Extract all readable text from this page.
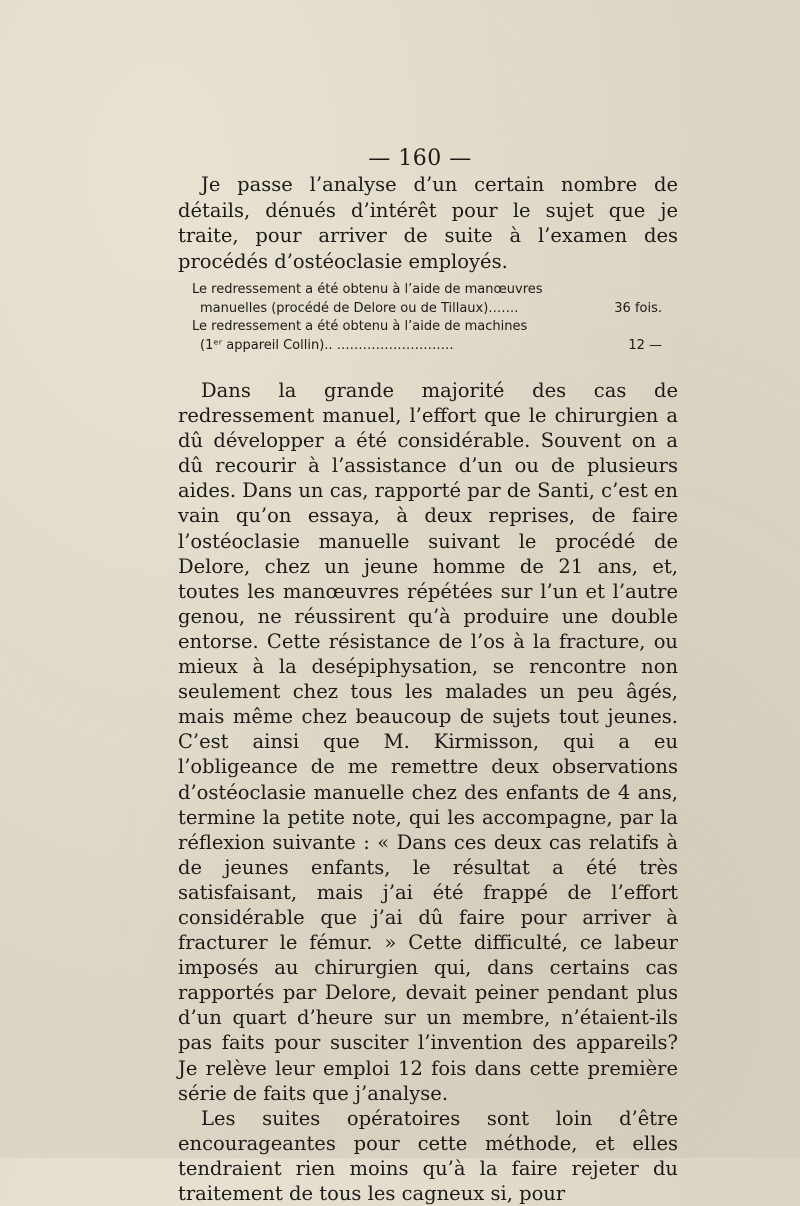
— 160 —
Je passe l’analyse d’un certain nombre de détails, dénués d’intérêt pour le sujet que je traite, pour arriver de suite à l’examen des procédés d’ostéoclasie employés.
Le redressement a été obtenu à l’aide de manœuvres
manuelles (procédé de Delore ou de Tillaux)…….	36 fois.
Le redressement a été obtenu à l’aide de machines
(1ᵉʳ appareil Collin).. ………………………	12 —

Dans la grande majorité des cas de redressement manuel, l’effort que le chirurgien a dû développer a été considérable. Souvent on a dû recourir à l’assistance d’un ou de plusieurs aides. Dans un cas, rapporté par de Santi, c’est en vain qu’on essaya, à deux reprises, de faire l’ostéoclasie manuelle suivant le procédé de Delore, chez un jeune homme de 21 ans, et, toutes les manœuvres répétées sur l’un et l’autre genou, ne réussirent qu’à produire une double entorse. Cette résistance de l’os à la fracture, ou mieux à la desépiphysation, se rencontre non seulement chez tous les malades un peu âgés, mais même chez beaucoup de sujets tout jeunes. C’est ainsi que M. Kirmisson, qui a eu l’obligeance de me remettre deux observations d’ostéoclasie manuelle chez des enfants de 4 ans, termine la petite note, qui les accompagne, par la réflexion suivante : « Dans ces deux cas relatifs à de jeunes enfants, le résultat a été très satisfaisant, mais j’ai été frappé de l’effort considérable que j’ai dû faire pour arriver à fracturer le fémur. » Cette difficulté, ce labeur imposés au chirurgien qui, dans certains cas rapportés par Delore, devait peiner pendant plus d’un quart d’heure sur un membre, n’étaient-ils pas faits pour susciter l’invention des appareils? Je relève leur emploi 12 fois dans cette première série de faits que j’analyse.

Les suites opératoires sont loin d’être encourageantes pour cette méthode, et elles tendraient rien moins qu’à la faire rejeter du traitement de tous les cagneux si, pour
